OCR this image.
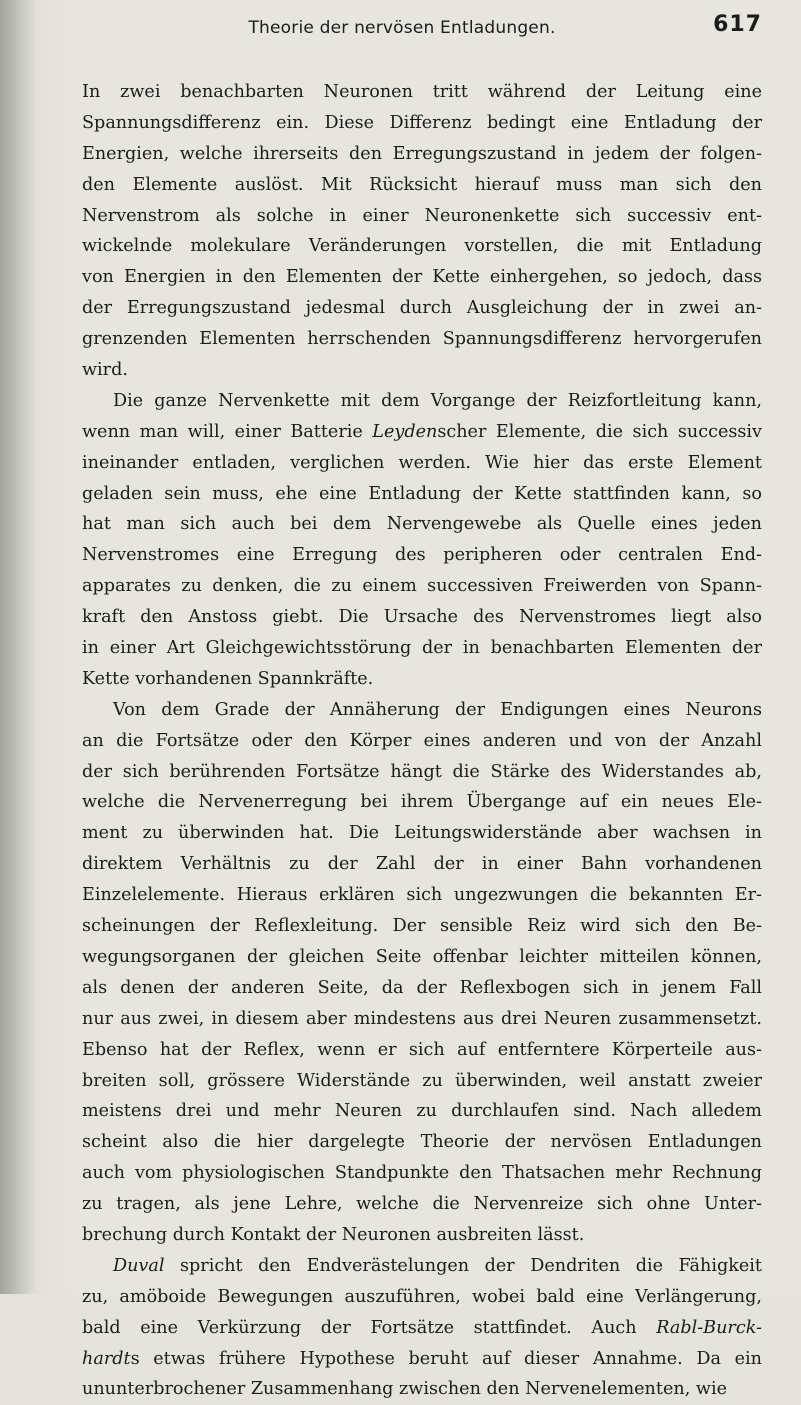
Theorie der nervösen Entladungen.	617
In zwei benachbarten Neuronen tritt während der Leitung eine
Spannungsdifferenz ein. Diese Differenz bedingt eine Entladung der
Energien, welche ihrerseits den Erregungszustand in jedem der folgen-
den Elemente auslöst. Mit Rücksicht hierauf muss man sich den
Nervenstrom als solche in einer Neuronenkette sich successiv ent-
wickelnde molekulare Veränderungen vorstellen, die mit Entladung
von Energien in den Elementen der Kette einhergehen, so jedoch, dass
der Erregungszustand jedesmal durch Ausgleichung der in zwei an-
grenzenden Elementen herrschenden Spannungsdifferenz hervorgerufen
wird.
Die ganze Nervenkette mit dem Vorgange der Reizfortleitung kann,
wenn man will, einer Batterie Leydenscher Elemente, die sich successiv
ineinander entladen, verglichen werden. Wie hier das erste Element
geladen sein muss, ehe eine Entladung der Kette stattfinden kann, so
hat man sich auch bei dem Nervengewebe als Quelle eines jeden
Nervenstromes eine Erregung des peripheren oder centralen End-
apparates zu denken, die zu einem successiven Freiwerden von Spann-
kraft den Anstoss giebt. Die Ursache des Nervenstromes liegt also
in einer Art Gleichgewichtsstörung der in benachbarten Elementen der
Kette vorhandenen Spannkräfte.
Von dem Grade der Annäherung der Endigungen eines Neurons
an die Fortsätze oder den Körper eines anderen und von der Anzahl
der sich berührenden Fortsätze hängt die Stärke des Widerstandes ab,
welche die Nervenerregung bei ihrem Übergange auf ein neues Ele-
ment zu überwinden hat. Die Leitungswiderstände aber wachsen in
direktem Verhältnis zu der Zahl der in einer Bahn vorhandenen
Einzelelemente. Hieraus erklären sich ungezwungen die bekannten Er-
scheinungen der Reflexleitung. Der sensible Reiz wird sich den Be-
wegungsorganen der gleichen Seite offenbar leichter mitteilen können,
als denen der anderen Seite, da der Reflexbogen sich in jenem Fall
nur aus zwei, in diesem aber mindestens aus drei Neuren zusammensetzt.
Ebenso hat der Reflex, wenn er sich auf entferntere Körperteile aus-
breiten soll, grössere Widerstände zu überwinden, weil anstatt zweier
meistens drei und mehr Neuren zu durchlaufen sind. Nach alledem
scheint also die hier dargelegte Theorie der nervösen Entladungen
auch vom physiologischen Standpunkte den Thatsachen mehr Rechnung
zu tragen, als jene Lehre, welche die Nervenreize sich ohne Unter-
brechung durch Kontakt der Neuronen ausbreiten lässt.
Duval spricht den Endverästelungen der Dendriten die Fähigkeit
zu, amöboide Bewegungen auszuführen, wobei bald eine Verlängerung,
bald eine Verkürzung der Fortsätze stattfindet. Auch Rabl-Burck-
hardts etwas frühere Hypothese beruht auf dieser Annahme. Da ein
ununterbrochener Zusammenhang zwischen den Nervenelementen, wie
